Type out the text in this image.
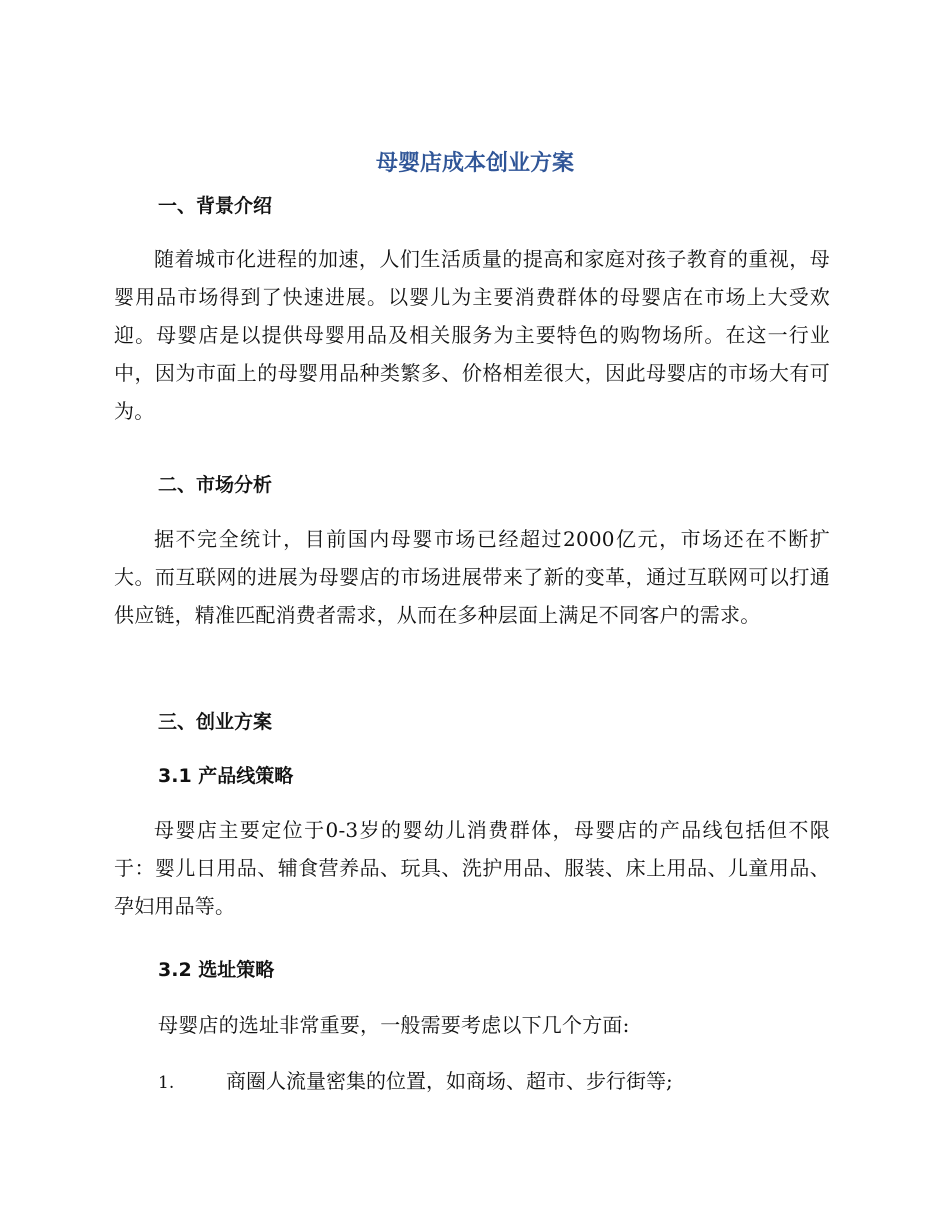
母婴店成本创业方案
一、背景介绍

随着城市化进程的加速，人们生活质量的提高和家庭对孩子教育的重视，母婴用品市场得到了快速进展。以婴儿为主要消费群体的母婴店在市场上大受欢迎。母婴店是以提供母婴用品及相关服务为主要特色的购物场所。在这一行业中，因为市面上的母婴用品种类繁多、价格相差很大，因此母婴店的市场大有可为。

二、市场分析

据不完全统计，目前国内母婴市场已经超过2000亿元，市场还在不断扩大。而互联网的进展为母婴店的市场进展带来了新的变革，通过互联网可以打通供应链，精准匹配消费者需求，从而在多种层面上满足不同客户的需求。

三、创业方案
3.1 产品线策略

母婴店主要定位于0-3岁的婴幼儿消费群体，母婴店的产品线包括但不限于：婴儿日用品、辅食营养品、玩具、洗护用品、服装、床上用品、儿童用品、孕妇用品等。

3.2 选址策略

母婴店的选址非常重要，一般需要考虑以下几个方面:

1.	商圈人流量密集的位置，如商场、超市、步行街等;
